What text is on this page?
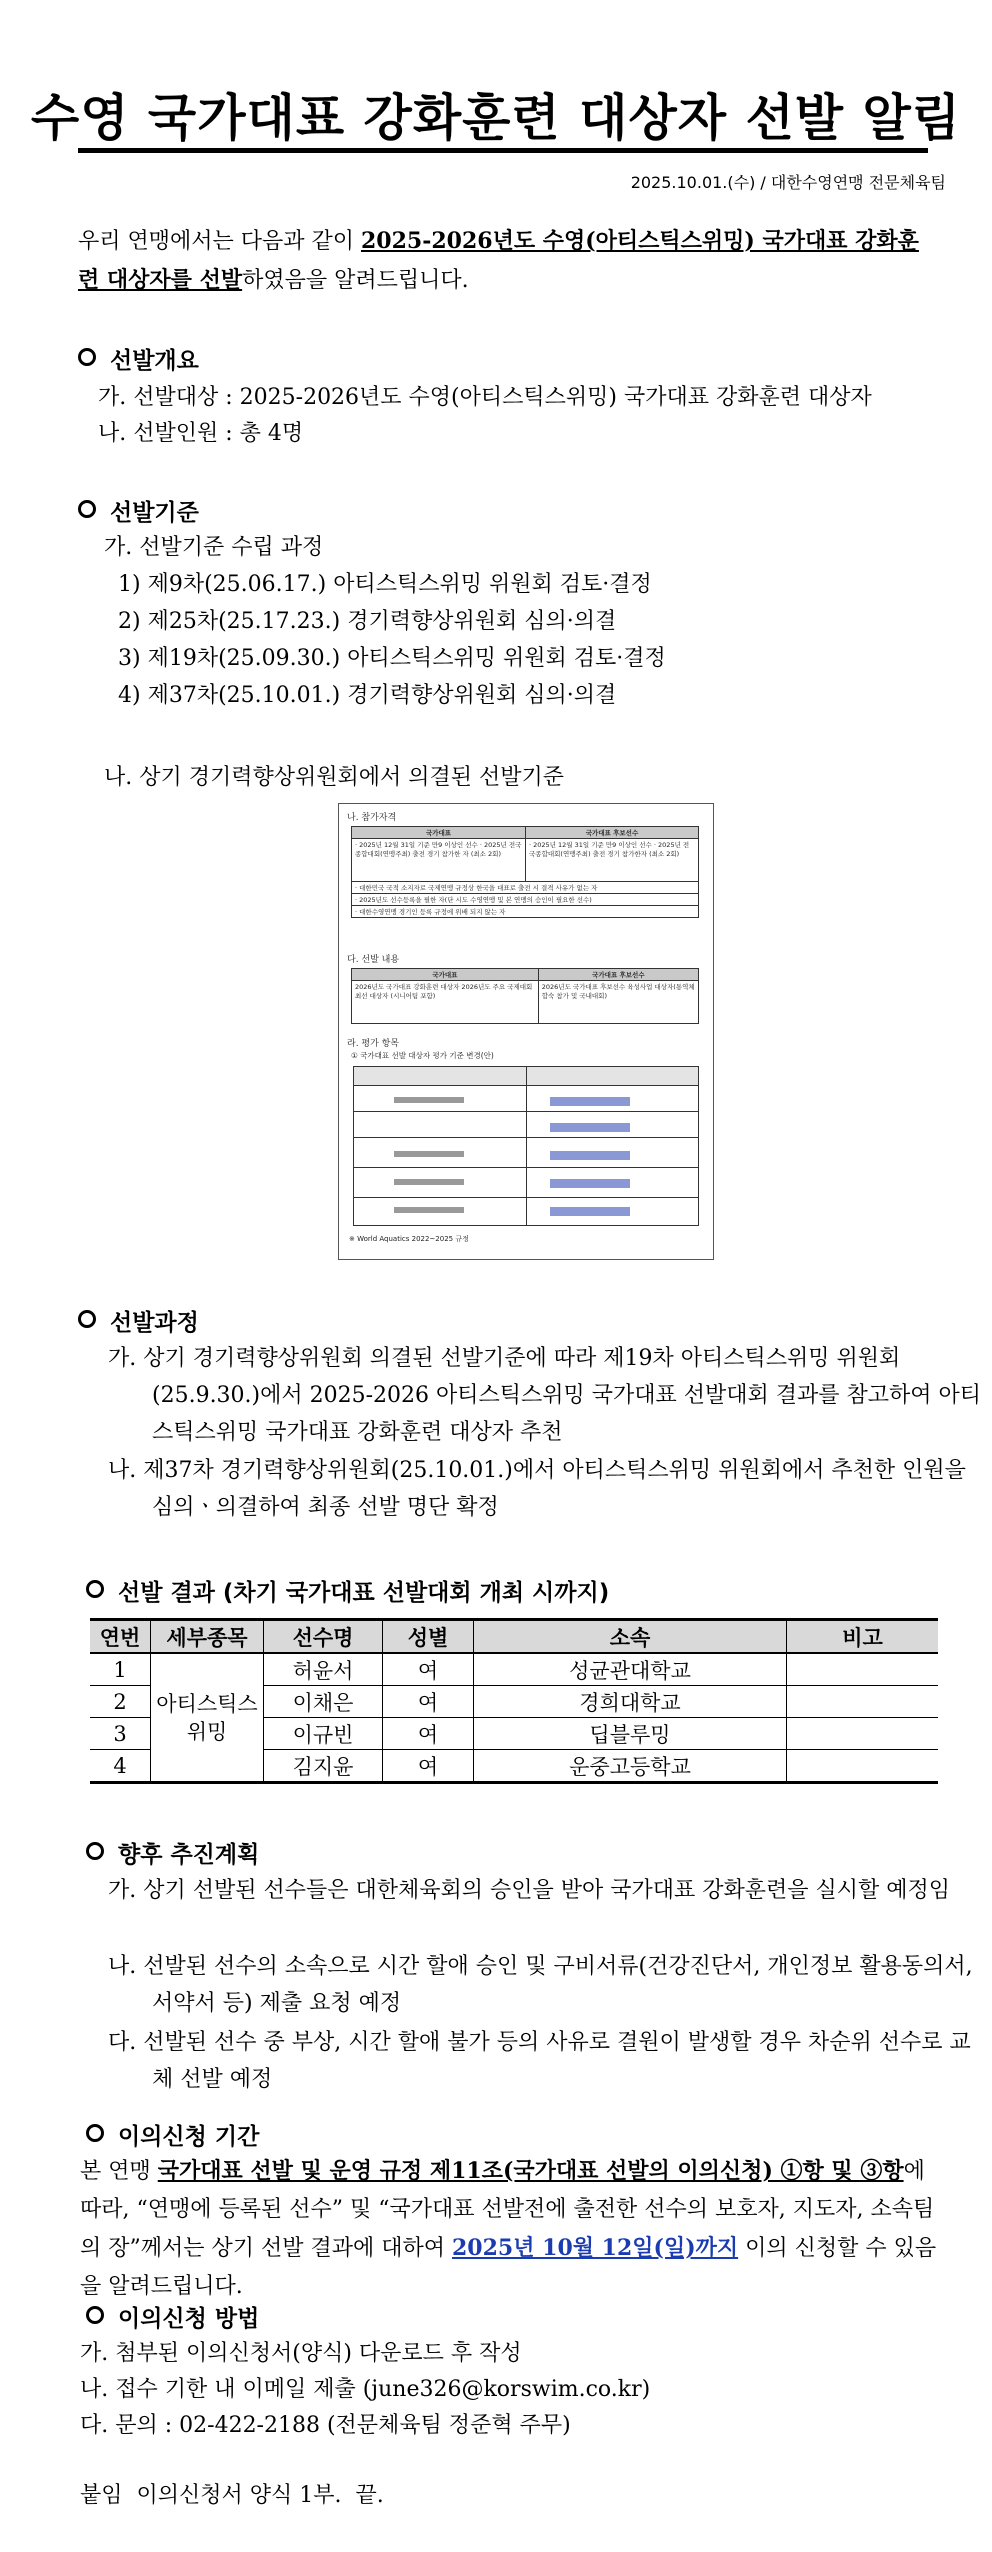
수영 국가대표 강화훈련 대상자 선발 알림
2025.10.01.(수) / 대한수영연맹 전문체육팀
우리 연맹에서는 다음과 같이 2025-2026년도 수영(아티스틱스위밍) 국가대표 강화훈련 대상자를 선발하였음을 알려드립니다.
선발개요
가. 선발대상 : 2025-2026년도 수영(아티스틱스위밍) 국가대표 강화훈련 대상자
나. 선발인원 : 총 4명
선발기준
가. 선발기준 수립 과정
1) 제9차(25.06.17.) 아티스틱스위밍 위원회 검토·결정
2) 제25차(25.17.23.) 경기력향상위원회 심의·의결
3) 제19차(25.09.30.) 아티스틱스위밍 위원회 검토·결정
4) 제37차(25.10.01.) 경기력향상위원회 심의·의결
나. 상기 경기력향상위원회에서 의결된 선발기준
나. 참가자격
국가대표	국가대표 후보선수
· 2025년 12월 31일 기준 만9 이상인 선수 · 2025년 전국종합대회(연맹주최) 출전 경기 참가한 자 (최소 2회)	· 2025년 12월 31일 기준 만9 이상인 선수 · 2025년 전국종합대회(연맹주최) 출전 경기 참가한자 (최소 2회)
· 대한민국 국적 소지자로 국제연맹 규정상 한국을 대표로 출전 시 결격 사유가 없는 자	
· 2025년도 선수등록을 필한 자(단 시도 수영연맹 및 본 연맹의 승인이 필요한 선수)	
· 대한수영연맹 경기인 등록 규정에 위배 되지 않는 자	
다. 선발 내용
국가대표	국가대표 후보선수
2026년도 국가대표 강화훈련 대상자 2026년도 주요 국제대회 최선 대상자 (시니어팀 포함)	2026년도 국가대표 후보선수 육성사업 대상자(통역체 합숙 참가 및 국내대회)
라. 평가 항목
① 국가대표 선발 대상자 평가 기준 변경(안)
※ World Aquatics 2022~2025 규정
선발과정
가. 상기 경기력향상위원회 의결된 선발기준에 따라 제19차 아티스틱스위밍 위원회(25.9.30.)에서 2025-2026 아티스틱스위밍 국가대표 선발대회 결과를 참고하여 아티스틱스위밍 국가대표 강화훈련 대상자 추천
나. 제37차 경기력향상위원회(25.10.01.)에서 아티스틱스위밍 위원회에서 추천한 인원을 심의ㆍ의결하여 최종 선발 명단 확정
선발 결과 (차기 국가대표 선발대회 개최 시까지)
연번	세부종목	선수명	성별	소속	비고
1	아티스틱스위밍	허윤서	여	성균관대학교	
2		이채은	여	경희대학교	
3		이규빈	여	딥블루밍	
4		김지윤	여	운중고등학교	
향후 추진계획
가. 상기 선발된 선수들은 대한체육회의 승인을 받아 국가대표 강화훈련을 실시할 예정임
나. 선발된 선수의 소속으로 시간 할애 승인 및 구비서류(건강진단서, 개인정보 활용동의서, 서약서 등) 제출 요청 예정
다. 선발된 선수 중 부상, 시간 할애 불가 등의 사유로 결원이 발생할 경우 차순위 선수로 교체 선발 예정
이의신청 기간
본 연맹 국가대표 선발 및 운영 규정 제11조(국가대표 선발의 이의신청) ①항 및 ③항에 따라, “연맹에 등록된 선수” 및 “국가대표 선발전에 출전한 선수의 보호자, 지도자, 소속팀의 장”께서는 상기 선발 결과에 대하여 2025년 10월 12일(일)까지 이의 신청할 수 있음을 알려드립니다.
이의신청 방법
가. 첨부된 이의신청서(양식) 다운로드 후 작성
나. 접수 기한 내 이메일 제출 (june326@korswim.co.kr)
다. 문의 : 02-422-2188 (전문체육팀 정준혁 주무)
붙임  이의신청서 양식 1부.  끝.
